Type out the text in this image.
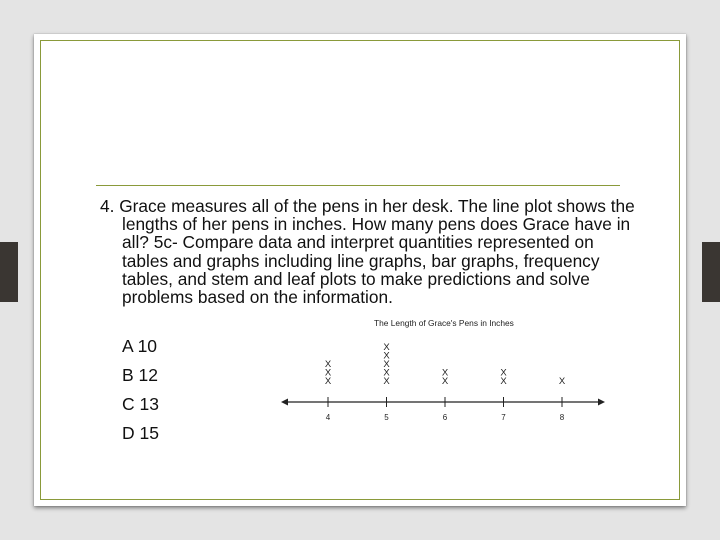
4. Grace measures all of the pens in her desk. The line plot shows the lengths of her pens in inches. How many pens does Grace have in all? 5c- Compare data and interpret quantities represented on tables and graphs including line graphs, bar graphs, frequency tables, and stem and leaf plots to make predictions and solve problems based on the information.

A 10

B 12

C 13

D 15

The Length of Grace's Pens in Inches
4
X
X
X
5
X
X
X
X
X
6
X
X
7
X
X
8
X
